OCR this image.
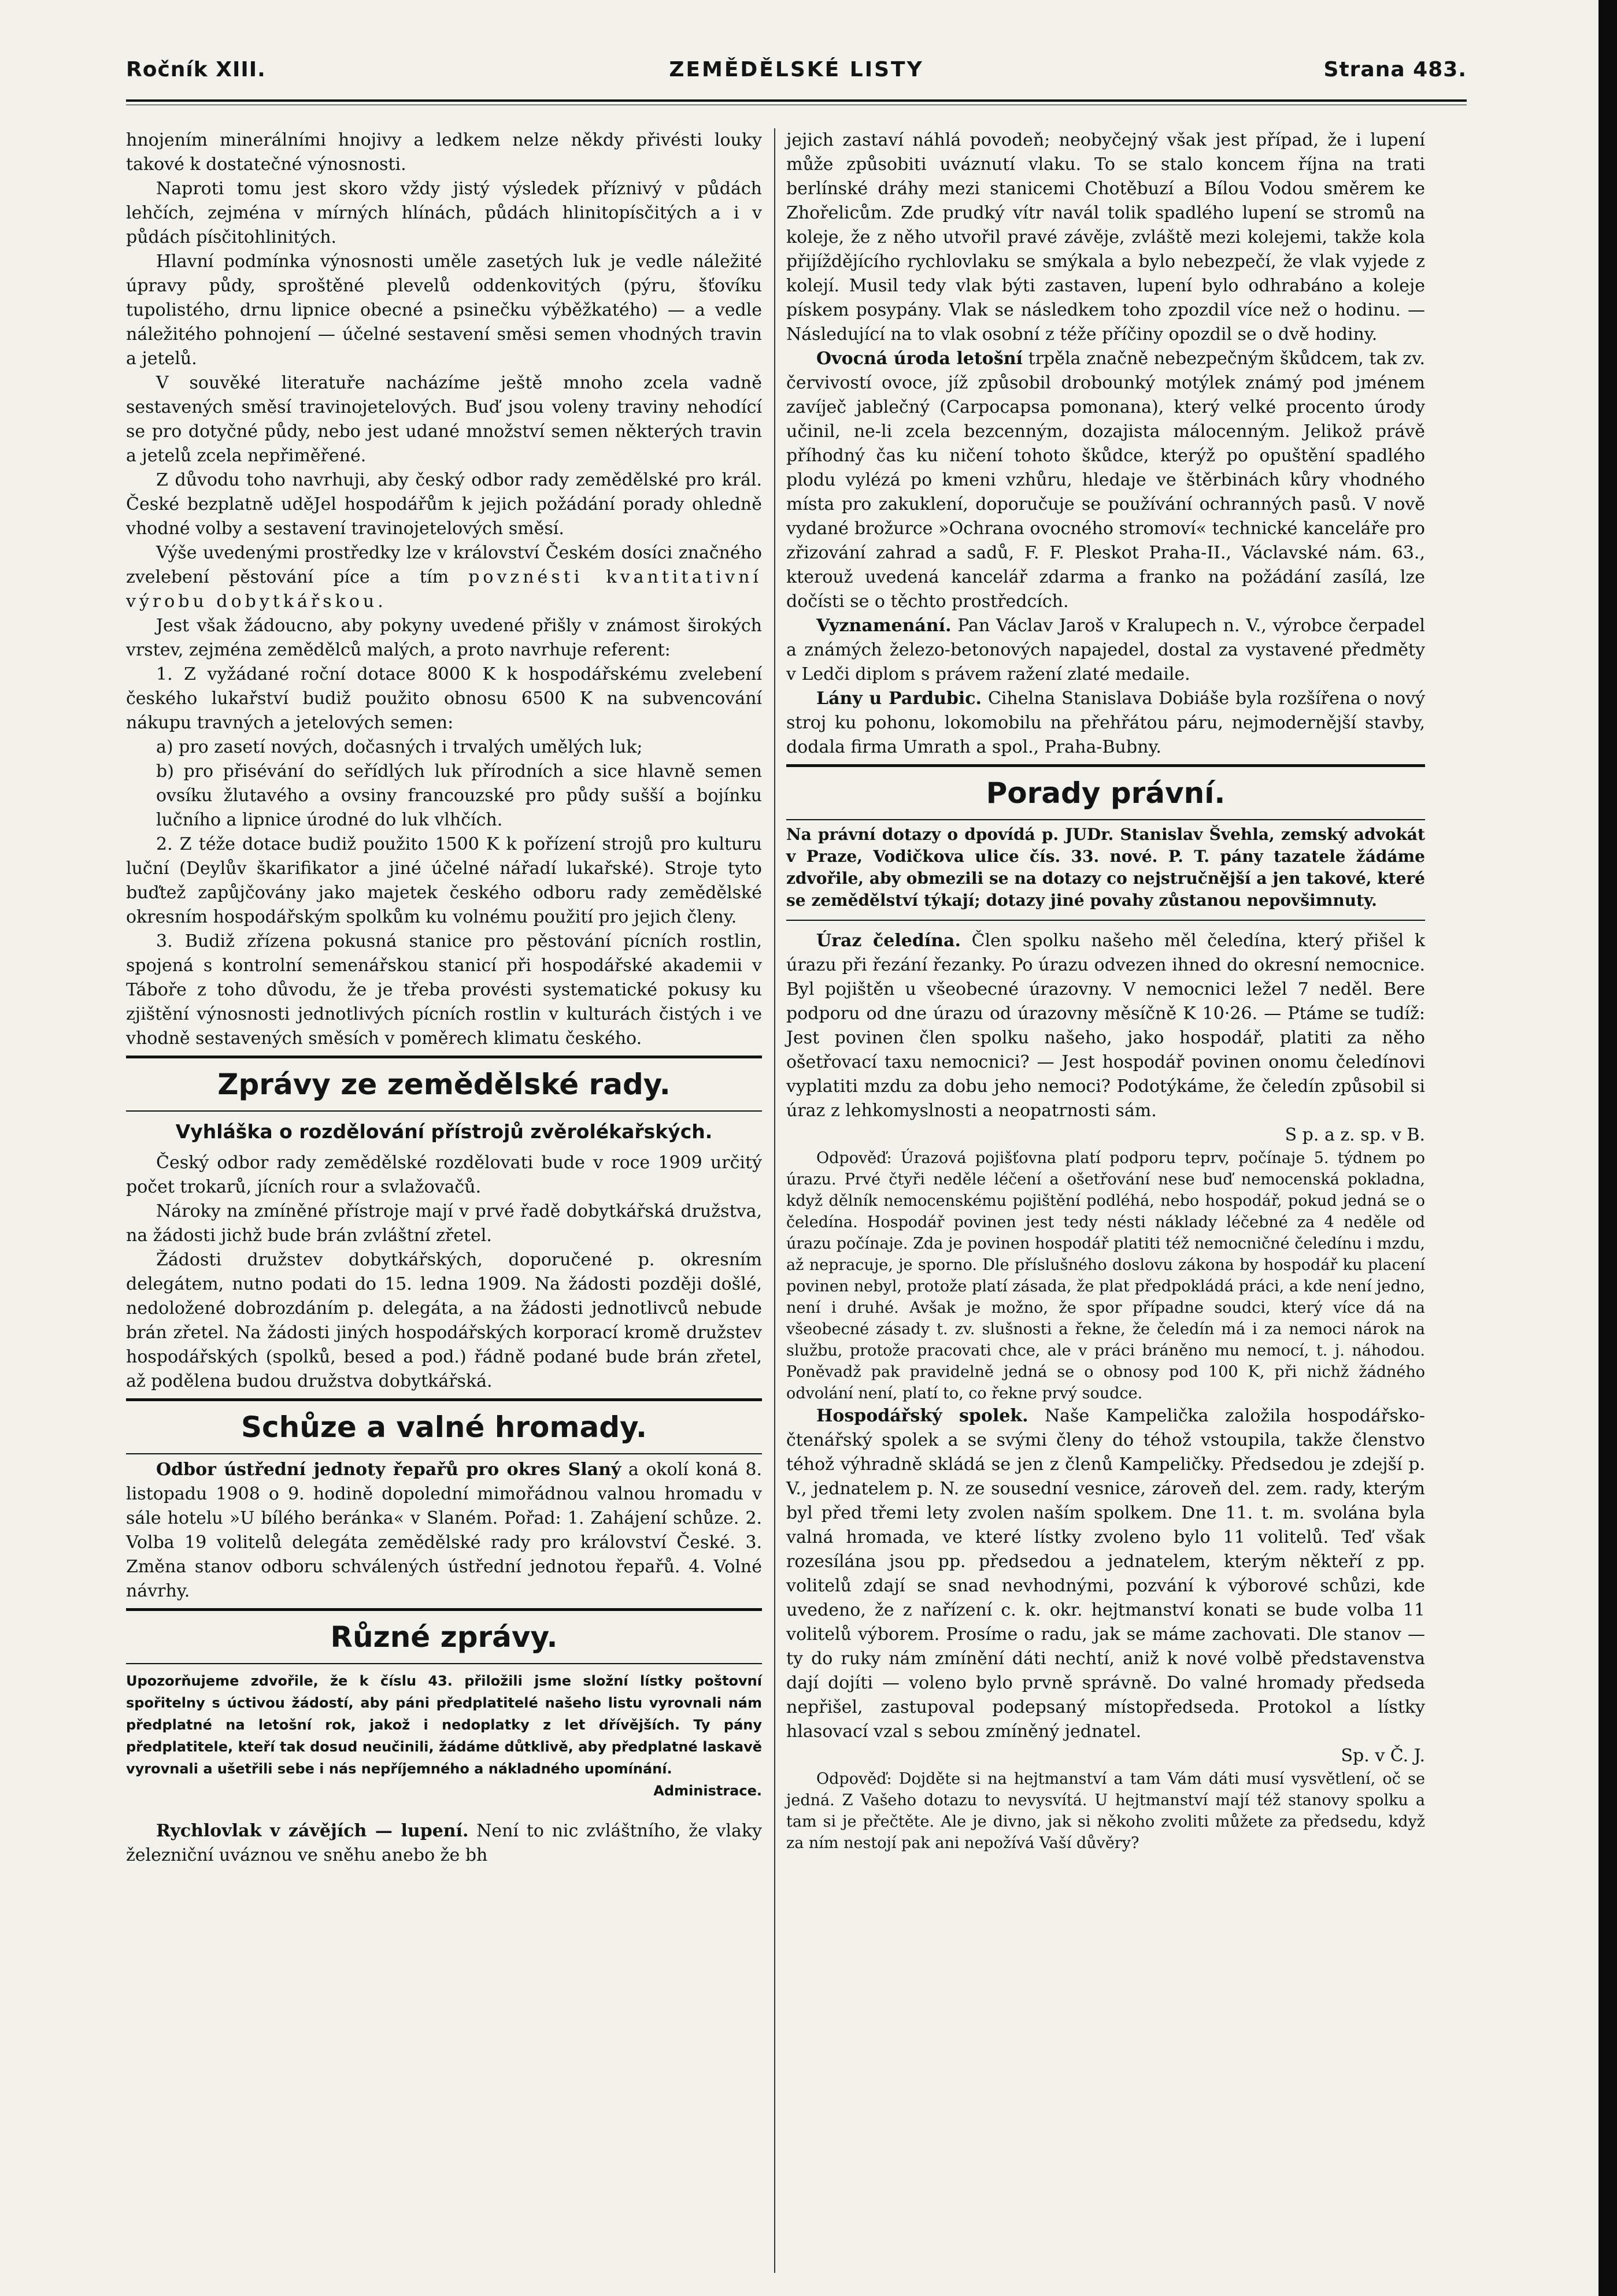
Ročník XIII.	ZEMĚDĚLSKÉ LISTY	Strana 483.

hnojením minerálními hnojivy a ledkem nelze někdy přivésti louky takové k dostatečné výnosnosti.

Naproti tomu jest skoro vždy jistý výsledek příznivý v půdách lehčích, zejména v mírných hlínách, půdách hlinitopísčitých a i v půdách písčitohlinitých.

Hlavní podmínka výnosnosti uměle zasetých luk je vedle náležité úpravy půdy, sproštěné plevelů oddenkovitých (pýru, šťovíku tupolistého, drnu lipnice obecné a psinečku výběžkatého) — a vedle náležitého pohnojení — účelné sestavení směsi semen vhodných travin a jetelů.

V souvěké literatuře nacházíme ještě mnoho zcela vadně sestavených směsí travinojetelových. Buď jsou voleny traviny nehodící se pro dotyčné půdy, nebo jest udané množství semen některých travin a jetelů zcela nepřiměřené.

Z důvodu toho navrhuji, aby český odbor rady zemědělské pro král. České bezplatně uděJel hospodářům k jejich požádání porady ohledně vhodné volby a sestavení travinojetelových směsí.

Výše uvedenými prostředky lze v království Českém dosíci značného zvelebení pěstování píce a tím povznésti kvantitativní výrobu dobytkářskou.

Jest však žádoucno, aby pokyny uvedené přišly v známost širokých vrstev, zejména zemědělců malých, a proto navrhuje referent:

1. Z vyžádané roční dotace 8000 K k hospodářskému zvelebení českého lukařství budiž použito obnosu 6500 K na subvencování nákupu travných a jetelových semen:

a) pro zasetí nových, dočasných i trvalých umělých luk;

b) pro přisévání do seřídlých luk přírodních a sice hlavně semen ovsíku žlutavého a ovsiny francouzské pro půdy sušší a bojínku lučního a lipnice úrodné do luk vlhčích.

2. Z téže dotace budiž použito 1500 K k pořízení strojů pro kulturu luční (Deylův škarifikator a jiné účelné nářadí lukařské). Stroje tyto buďtež zapůjčovány jako majetek českého odboru rady zemědělské okresním hospodářským spolkům ku volnému použití pro jejich členy.

3. Budiž zřízena pokusná stanice pro pěstování pícních rostlin, spojená s kontrolní semenářskou stanicí při hospodářské akademii v Táboře z toho důvodu, že je třeba provésti systematické pokusy ku zjištění výnosnosti jednotlivých pícních rostlin v kulturách čistých i ve vhodně sestavených směsích v poměrech klimatu českého.

Zprávy ze zemědělské rady.
Vyhláška o rozdělování přístrojů zvěrolékařských.

Český odbor rady zemědělské rozdělovati bude v roce 1909 určitý počet trokarů, jícních rour a svlažovačů.

Nároky na zmíněné přístroje mají v prvé řadě dobytkářská družstva, na žádosti jichž bude brán zvláštní zřetel.

Žádosti družstev dobytkářských, doporučené p. okresním delegátem, nutno podati do 15. ledna 1909. Na žádosti později došlé, nedoložené dobrozdáním p. delegáta, a na žádosti jednotlivců nebude brán zřetel. Na žádosti jiných hospodářských korporací kromě družstev hospodářských (spolků, besed a pod.) řádně podané bude brán zřetel, až podělena budou družstva dobytkářská.

Schůze a valné hromady.

Odbor ústřední jednoty řepařů pro okres Slaný a okolí koná 8. listopadu 1908 o 9. hodině dopolední mimořádnou valnou hromadu v sále hotelu »U bílého beránka« v Slaném. Pořad: 1. Zahájení schůze. 2. Volba 19 volitelů delegáta zemědělské rady pro království České. 3. Změna stanov odboru schválených ústřední jednotou řepařů. 4. Volné návrhy.

Různé zprávy.
Upozorňujeme zdvořile, že k číslu 43. přiložili jsme složní lístky poštovní spořitelny s úctivou žádostí, aby páni předplatitelé našeho listu vyrovnali nám předplatné na letošní rok, jakož i nedoplatky z let dřívějších. Ty pány předplatitele, kteří tak dosud neučinili, žádáme důtklivě, aby předplatné laskavě vyrovnali a ušetřili sebe i nás nepříjemného a nákladného upomínání.
Administrace.

Rychlovlak v závějích — lupení. Není to nic zvláštního, že vlaky železniční uváznou ve sněhu anebo že bh

jejich zastaví náhlá povodeň; neobyčejný však jest případ, že i lupení může způsobiti uváznutí vlaku. To se stalo koncem října na trati berlínské dráhy mezi stanicemi Chotěbuzí a Bílou Vodou směrem ke Zhořelicům. Zde prudký vítr navál tolik spadlého lupení se stromů na koleje, že z něho utvořil pravé závěje, zvláště mezi kolejemi, takže kola přijíždějícího rychlovlaku se smýkala a bylo nebezpečí, že vlak vyjede z kolejí. Musil tedy vlak býti zastaven, lupení bylo odhrabáno a koleje pískem posypány. Vlak se následkem toho zpozdil více než o hodinu. — Následující na to vlak osobní z téže příčiny opozdil se o dvě hodiny.

Ovocná úroda letošní trpěla značně nebezpečným škůdcem, tak zv. červivostí ovoce, jíž způsobil drobounký motýlek známý pod jménem zavíječ jablečný (Carpocapsa pomonana), který velké procento úrody učinil, ne-li zcela bezcenným, dozajista málocenným. Jelikož právě příhodný čas ku ničení tohoto škůdce, kterýž po opuštění spadlého plodu vylézá po kmeni vzhůru, hledaje ve štěrbinách kůry vhodného místa pro zakuklení, doporučuje se používání ochranných pasů. V nově vydané brožurce »Ochrana ovocného stromoví« technické kanceláře pro zřizování zahrad a sadů, F. F. Pleskot Praha-II., Václavské nám. 63., kterouž uvedená kancelář zdarma a franko na požádání zasílá, lze dočísti se o těchto prostředcích.

Vyznamenání. Pan Václav Jaroš v Kralupech n. V., výrobce čerpadel a známých železo-betonových napajedel, dostal za vystavené předměty v Ledči diplom s právem ražení zlaté medaile.

Lány u Pardubic. Cihelna Stanislava Dobiáše byla rozšířena o nový stroj ku pohonu, lokomobilu na přehřátou páru, nejmodernější stavby, dodala firma Umrath a spol., Praha-Bubny.

Porady právní.

Na právní dotazy o dpovídá p. JUDr. Stanislav Švehla, zemský advokát v Praze, Vodičkova ulice čís. 33. nové. P. T. pány tazatele žádáme zdvořile, aby obmezili se na dotazy co nejstručnější a jen takové, které se zemědělství týkají; dotazy jiné povahy zůstanou nepovšimnuty.

Úraz čeledína. Člen spolku našeho měl čeledína, který přišel k úrazu při řezání řezanky. Po úrazu odvezen ihned do okresní nemocnice. Byl pojištěn u všeobecné úrazovny. V nemocnici ležel 7 neděl. Bere podporu od dne úrazu od úrazovny měsíčně K 10·26. — Ptáme se tudíž: Jest povinen člen spolku našeho, jako hospodář, platiti za něho ošetřovací taxu nemocnici? — Jest hospodář povinen onomu čeledínovi vyplatiti mzdu za dobu jeho nemoci? Podotýkáme, že čeledín způsobil si úraz z lehkomyslnosti a neopatrnosti sám.

S p. a z. sp. v B.

Odpověď: Úrazová pojišťovna platí podporu teprv, počínaje 5. týdnem po úrazu. Prvé čtyři neděle léčení a ošetřování nese buď nemocenská pokladna, když dělník nemocenskému pojištění podléhá, nebo hospodář, pokud jedná se o čeledína. Hospodář povinen jest tedy nésti náklady léčebné za 4 neděle od úrazu počínaje. Zda je povinen hospodář platiti též nemocničné čeledínu i mzdu, až nepracuje, je sporno. Dle příslušného doslovu zákona by hospodář ku placení povinen nebyl, protože platí zásada, že plat předpokládá práci, a kde není jedno, není i druhé. Avšak je možno, že spor případne soudci, který více dá na všeobecné zásady t. zv. slušnosti a řekne, že čeledín má i za nemoci nárok na službu, protože pracovati chce, ale v práci bráněno mu nemocí, t. j. náhodou. Poněvadž pak pravidelně jedná se o obnosy pod 100 K, při nichž žádného odvolání není, platí to, co řekne prvý soudce.

Hospodářský spolek. Naše Kampelička založila hospodářsko-čtenářský spolek a se svými členy do téhož vstoupila, takže členstvo téhož výhradně skládá se jen z členů Kampeličky. Předsedou je zdejší p. V., jednatelem p. N. ze sousední vesnice, zároveň del. zem. rady, kterým byl před třemi lety zvolen naším spolkem. Dne 11. t. m. svolána byla valná hromada, ve které lístky zvoleno bylo 11 volitelů. Teď však rozesílána jsou pp. předsedou a jednatelem, kterým někteří z pp. volitelů zdají se snad nevhodnými, pozvání k výborové schůzi, kde uvedeno, že z nařízení c. k. okr. hejtmanství konati se bude volba 11 volitelů výborem. Prosíme o radu, jak se máme zachovati. Dle stanov — ty do ruky nám zmínění dáti nechtí, aniž k nové volbě představenstva dají dojíti — voleno bylo prvně správně. Do valné hromady předseda nepřišel, zastupoval podepsaný místopředseda. Protokol a lístky hlasovací vzal s sebou zmíněný jednatel.

Sp. v Č. J.

Odpověď: Dojděte si na hejtmanství a tam Vám dáti musí vysvětlení, oč se jedná. Z Vašeho dotazu to nevysvítá. U hejtmanství mají též stanovy spolku a tam si je přečtěte. Ale je divno, jak si někoho zvoliti můžete za předsedu, když za ním nestojí pak ani nepožívá Vaší důvěry?
